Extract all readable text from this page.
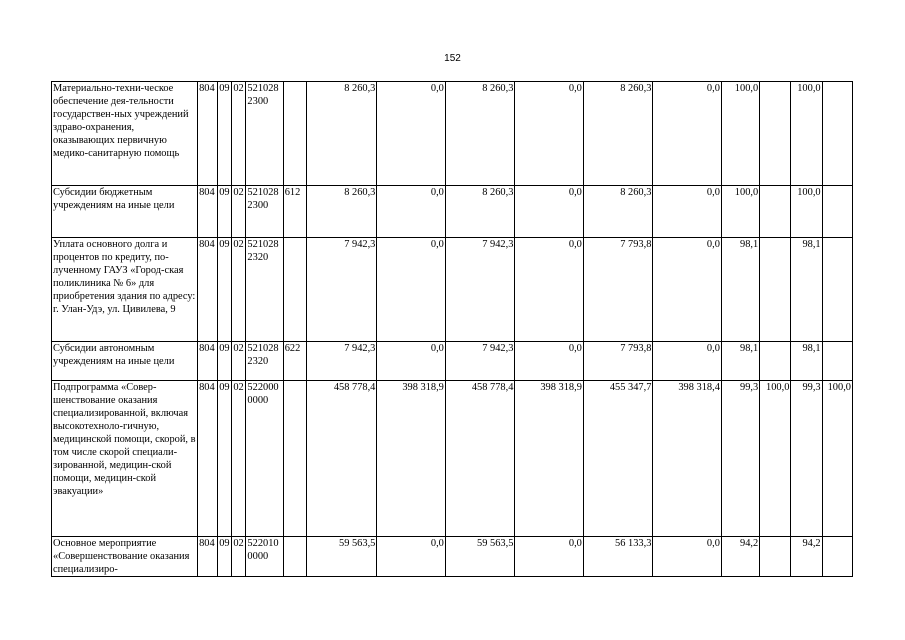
152
Материально-техни-ческое обеспечение дея-тельности государствен-ных учреждений здраво-охранения, оказывающих первичную медико-санитарную помощь	804	09	02	5210282300		8 260,3	0,0	8 260,3	0,0	8 260,3	0,0	100,0		100,0	
Субсидии бюджетным учреждениям на иные цели	804	09	02	5210282300	612	8 260,3	0,0	8 260,3	0,0	8 260,3	0,0	100,0		100,0	
Уплата основного долга и процентов по кредиту, по-лученному ГАУЗ «Город-ская поликлиника № 6» для приобретения здания по адресу: г. Улан-Удэ, ул. Цивилева, 9	804	09	02	5210282320		7 942,3	0,0	7 942,3	0,0	7 793,8	0,0	98,1		98,1	
Субсидии автономным учреждениям на иные цели	804	09	02	5210282320	622	7 942,3	0,0	7 942,3	0,0	7 793,8	0,0	98,1		98,1	
Подпрограмма «Совер-шенствование оказания специализированной, включая высокотехноло-гичную, медицинской помощи, скорой, в том числе скорой специали-зированной, медицин-ской помощи, медицин-ской эвакуации»	804	09	02	5220000000		458 778,4	398 318,9	458 778,4	398 318,9	455 347,7	398 318,4	99,3	100,0	99,3	100,0
Основное мероприятие «Совершенствование оказания специализиро-	804	09	02	5220100000		59 563,5	0,0	59 563,5	0,0	56 133,3	0,0	94,2		94,2	
